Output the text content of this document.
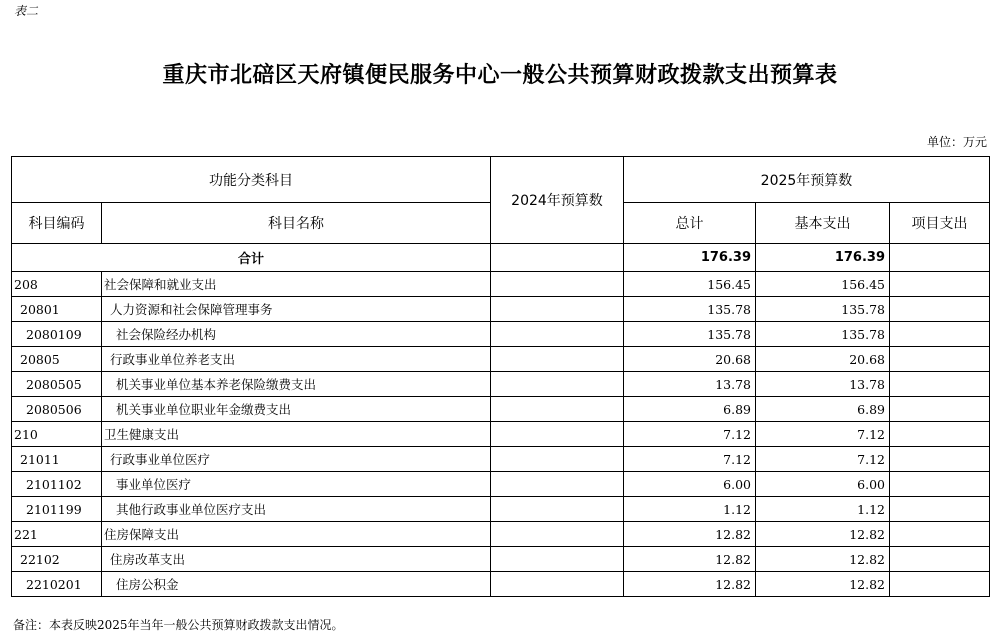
表二
重庆市北碚区天府镇便民服务中心一般公共预算财政拨款支出预算表
单位：万元
功能分类科目		2024年预算数	2025年预算数		
科目编码	科目名称		总计	基本支出	项目支出
合计			176.39	176.39	
208	社会保障和就业支出		156.45	156.45	
20801	人力资源和社会保障管理事务		135.78	135.78	
2080109	社会保险经办机构		135.78	135.78	
20805	行政事业单位养老支出		20.68	20.68	
2080505	机关事业单位基本养老保险缴费支出		13.78	13.78	
2080506	机关事业单位职业年金缴费支出		6.89	6.89	
210	卫生健康支出		7.12	7.12	
21011	行政事业单位医疗		7.12	7.12	
2101102	事业单位医疗		6.00	6.00	
2101199	其他行政事业单位医疗支出		1.12	1.12	
221	住房保障支出		12.82	12.82	
22102	住房改革支出		12.82	12.82	
2210201	住房公积金		12.82	12.82	
备注：本表反映2025年当年一般公共预算财政拨款支出情况。
